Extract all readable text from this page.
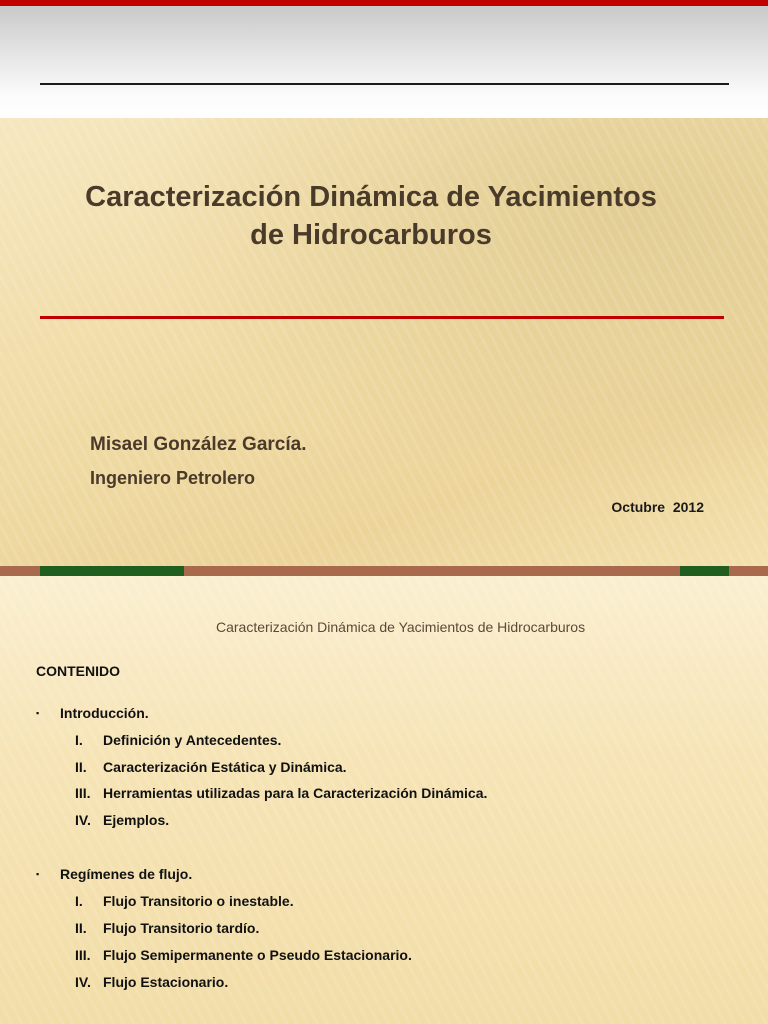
Caracterización Dinámica de Yacimientos
de Hidrocarburos
Misael González García.
Ingeniero Petrolero
Octubre  2012
Caracterización Dinámica de Yacimientos de Hidrocarburos
CONTENIDO
▪ Introducción.
I. Definición y Antecedentes.
II. Caracterización Estática y Dinámica.
III. Herramientas utilizadas para la Caracterización Dinámica.
IV. Ejemplos.
▪ Regímenes de flujo.
I. Flujo Transitorio o inestable.
II. Flujo Transitorio tardío.
III. Flujo Semipermanente o Pseudo Estacionario.
IV. Flujo Estacionario.
